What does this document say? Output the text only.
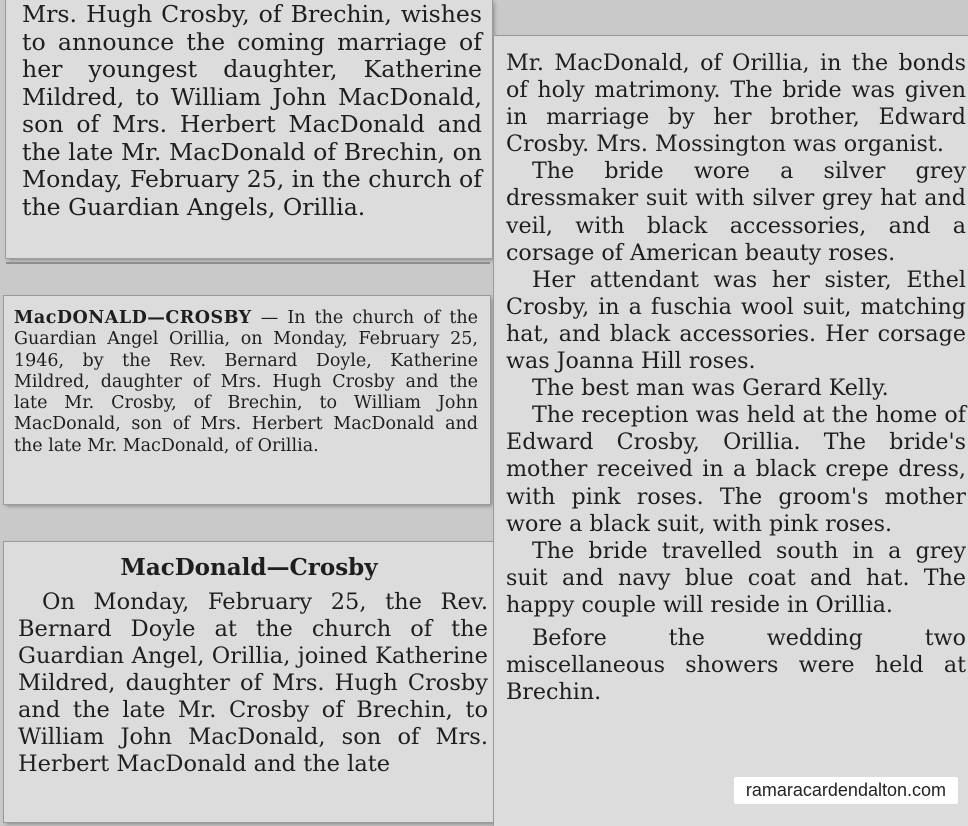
Mrs. Hugh Crosby, of Brechin, wishes to announce the coming marriage of her youngest daughter, Katherine Mildred, to William John MacDonald, son of Mrs. Herbert MacDonald and the late Mr. MacDonald of Brechin, on Monday, February 25, in the church of the Guardian Angels, Orillia.

MacDONALD—CROSBY — In the church of the Guardian Angel Orillia, on Monday, February 25, 1946, by the Rev. Bernard Doyle, Katherine Mildred, daughter of Mrs. Hugh Crosby and the late Mr. Crosby, of Brechin, to William John MacDonald, son of Mrs. Herbert MacDonald and the late Mr. MacDonald, of Orillia.

MacDonald—Crosby

On Monday, February 25, the Rev. Bernard Doyle at the church of the Guardian Angel, Orillia, joined Katherine Mildred, daughter of Mrs. Hugh Crosby and the late Mr. Crosby of Brechin, to William John MacDonald, son of Mrs. Herbert MacDonald and the late

Mr. MacDonald, of Orillia, in the bonds of holy matrimony. The bride was given in marriage by her brother, Edward Crosby. Mrs. Mossington was organist.

The bride wore a silver grey dressmaker suit with silver grey hat and veil, with black accessories, and a corsage of American beauty roses.

Her attendant was her sister, Ethel Crosby, in a fuschia wool suit, matching hat, and black accessories. Her corsage was Joanna Hill roses.

The best man was Gerard Kelly.

The reception was held at the home of Edward Crosby, Orillia. The bride's mother received in a black crepe dress, with pink roses. The groom's mother wore a black suit, with pink roses.

The bride travelled south in a grey suit and navy blue coat and hat. The happy couple will reside in Orillia.

Before the wedding two miscellaneous showers were held at Brechin.

ramaracardendalton.com
